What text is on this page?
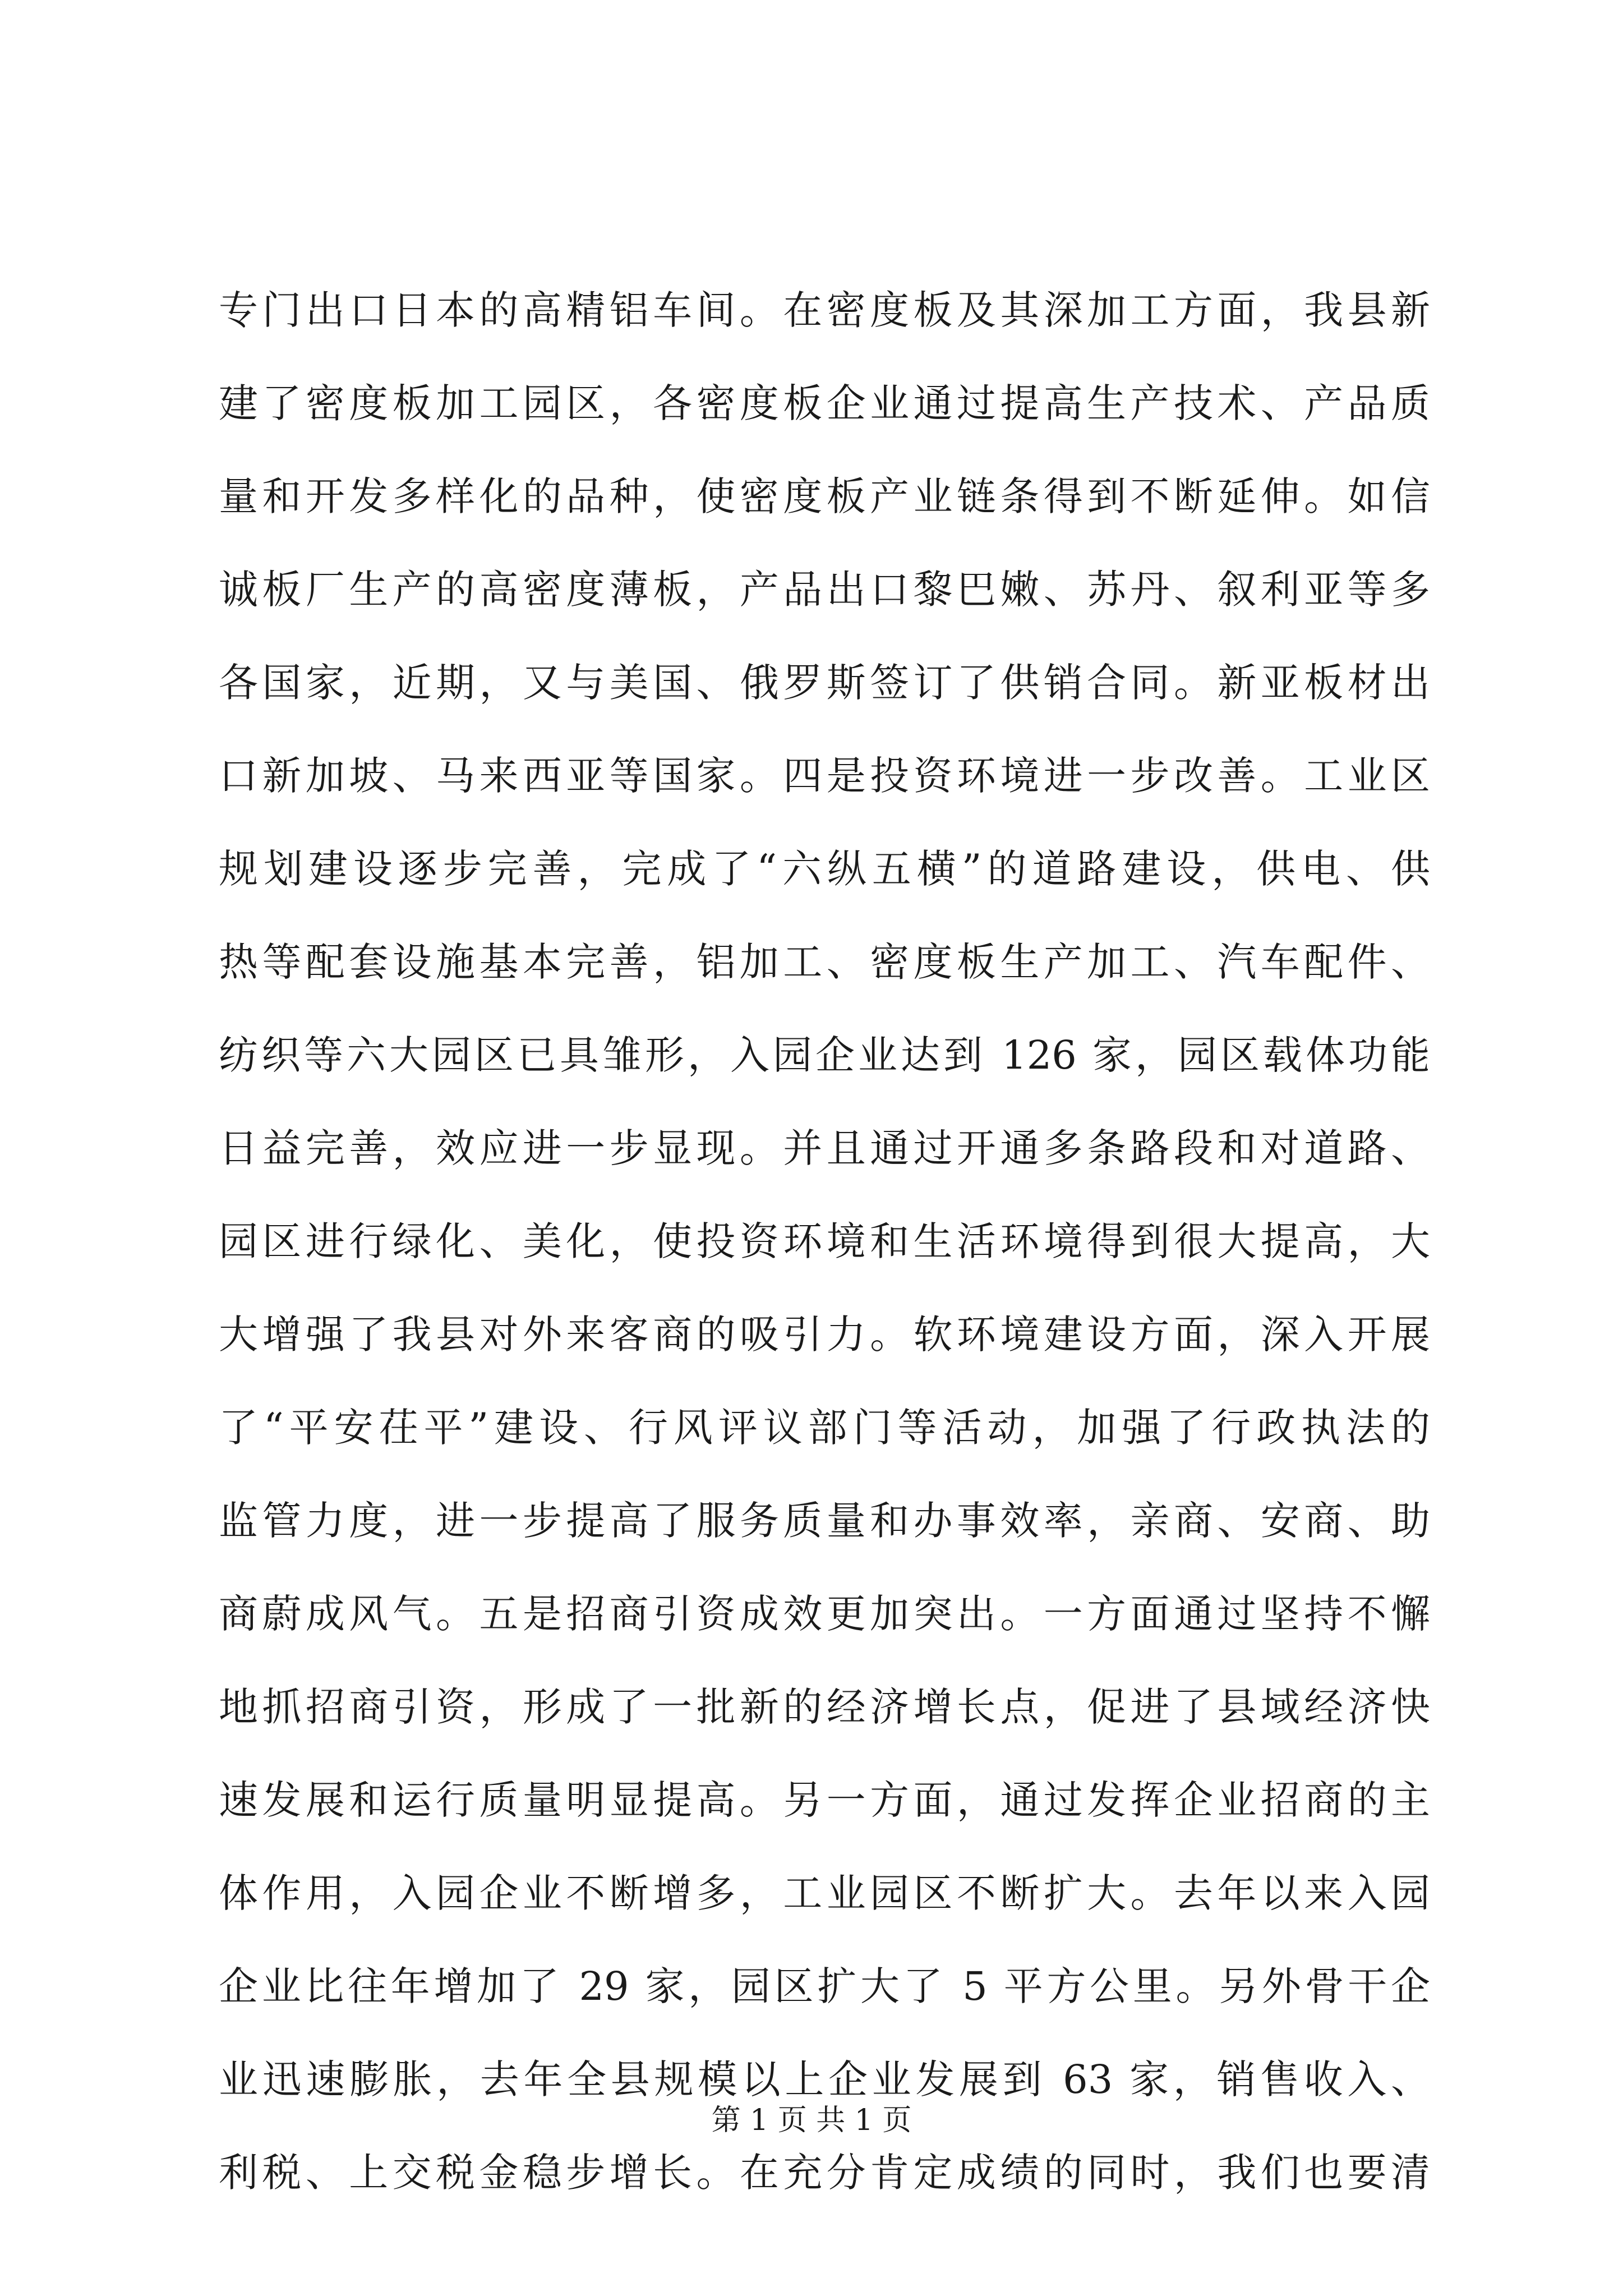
专门出口日本的高精铝车间。在密度板及其深加工方面，我县新
建了密度板加工园区，各密度板企业通过提高生产技术、产品质
量和开发多样化的品种，使密度板产业链条得到不断延伸。如信
诚板厂生产的高密度薄板，产品出口黎巴嫩、苏丹、叙利亚等多
各国家，近期，又与美国、俄罗斯签订了供销合同。新亚板材出
口新加坡、马来西亚等国家。四是投资环境进一步改善。工业区
规划建设逐步完善，完成了“六纵五横”的道路建设，供电、供
热等配套设施基本完善，铝加工、密度板生产加工、汽车配件、
纺织等六大园区已具雏形，入园企业达到 126 家，园区载体功能
日益完善，效应进一步显现。并且通过开通多条路段和对道路、
园区进行绿化、美化，使投资环境和生活环境得到很大提高，大
大增强了我县对外来客商的吸引力。软环境建设方面，深入开展
了“平安茌平”建设、行风评议部门等活动，加强了行政执法的
监管力度，进一步提高了服务质量和办事效率，亲商、安商、助
商蔚成风气。五是招商引资成效更加突出。一方面通过坚持不懈
地抓招商引资，形成了一批新的经济增长点，促进了县域经济快
速发展和运行质量明显提高。另一方面，通过发挥企业招商的主
体作用，入园企业不断增多，工业园区不断扩大。去年以来入园
企业比往年增加了 29 家，园区扩大了 5 平方公里。另外骨干企
业迅速膨胀，去年全县规模以上企业发展到 63 家，销售收入、
利税、上交税金稳步增长。在充分肯定成绩的同时，我们也要清
第 1 页 共 1 页
